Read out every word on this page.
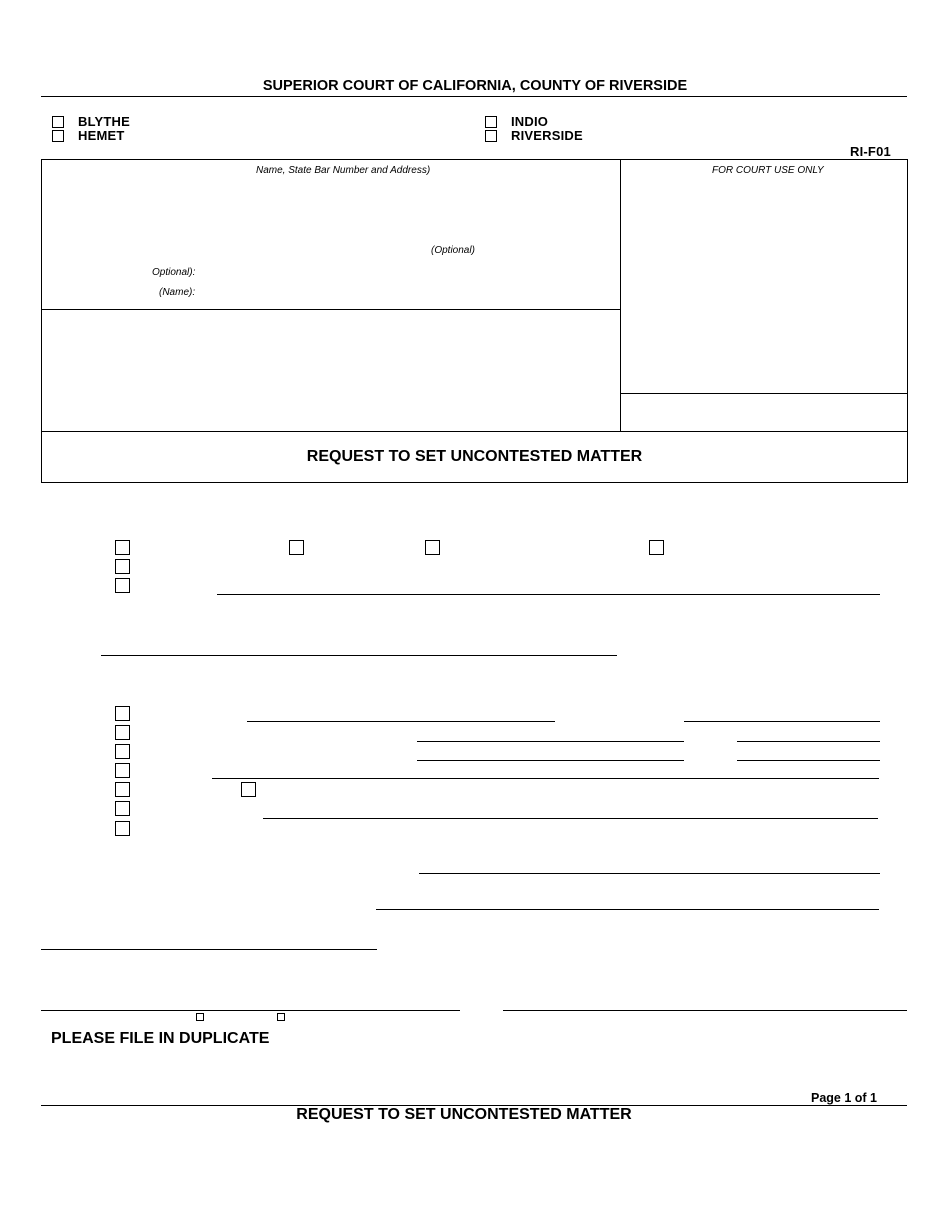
SUPERIOR COURT OF CALIFORNIA, COUNTY OF RIVERSIDE
BLYTHE
HEMET
INDIO
RIVERSIDE
RI-F01
Name, State Bar Number and Address)
(Optional)
Optional):
(Name):
FOR COURT USE ONLY
REQUEST TO SET UNCONTESTED MATTER
PLEASE FILE IN DUPLICATE
Page 1 of 1
REQUEST TO SET UNCONTESTED MATTER
